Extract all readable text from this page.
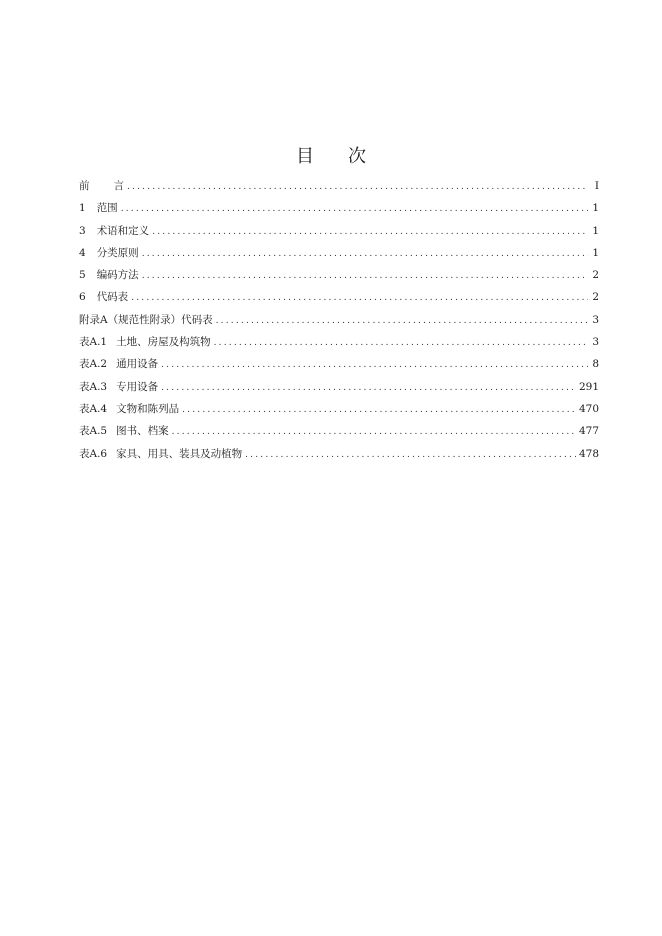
目 次
前 言 .....	I
1 范围 .....	1
3 术语和定义 .....	1
4 分类原则 .....	1
5 编码方法 .....	2
6 代码表 .....	2
附录A（规范性附录）代码表 .....	3
表A.1 土地、房屋及构筑物 .....	3
表A.2 通用设备 .....	8
表A.3 专用设备 .....	291
表A.4 文物和陈列品 .....	470
表A.5 图书、档案 .....	477
表A.6 家具、用具、装具及动植物 .....	478
